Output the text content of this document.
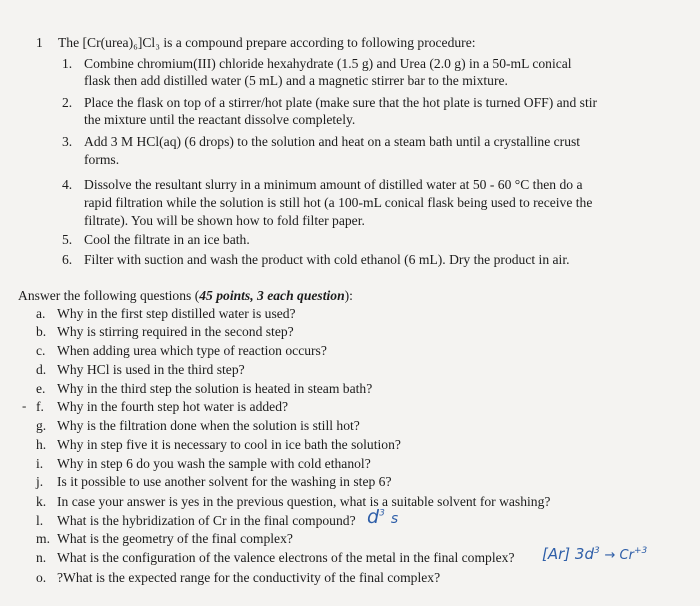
1 The [Cr(urea)₆]Cl₃ is a compound prepare according to following procedure:
1. Combine chromium(III) chloride hexahydrate (1.5 g) and Urea (2.0 g) in a 50-mL conical
flask then add distilled water (5 mL) and a magnetic stirrer bar to the mixture.
2. Place the flask on top of a stirrer/hot plate (make sure that the hot plate is turned OFF) and stir
the mixture until the reactant dissolve completely.
3. Add 3 M HCl(aq) (6 drops) to the solution and heat on a steam bath until a crystalline crust
forms.
4. Dissolve the resultant slurry in a minimum amount of distilled water at 50 - 60 °C then do a
rapid filtration while the solution is still hot (a 100-mL conical flask being used to receive the
filtrate). You will be shown how to fold filter paper.
5. Cool the filtrate in an ice bath.
6. Filter with suction and wash the product with cold ethanol (6 mL). Dry the product in air.
Answer the following questions (45 points, 3 each question):
a. Why in the first step distilled water is used?
b. Why is stirring required in the second step?
c. When adding urea which type of reaction occurs?
d. Why HCl is used in the third step?
e. Why in the third step the solution is heated in steam bath?
- f. Why in the fourth step hot water is added?
g. Why is the filtration done when the solution is still hot?
h. Why in step five it is necessary to cool in ice bath the solution?
i. Why in step 6 do you wash the sample with cold ethanol?
j. Is it possible to use another solvent for the washing in step 6?
k. In case your answer is yes in the previous question, what is a suitable solvent for washing?
l. What is the hybridization of Cr in the final compound? $d^3$ s
m. What is the geometry of the final complex?
n. What is the configuration of the valence electrons of the metal in the final complex? [Ar] $3d^3 \to Cr^{+3}$
o. ?What is the expected range for the conductivity of the final complex?
